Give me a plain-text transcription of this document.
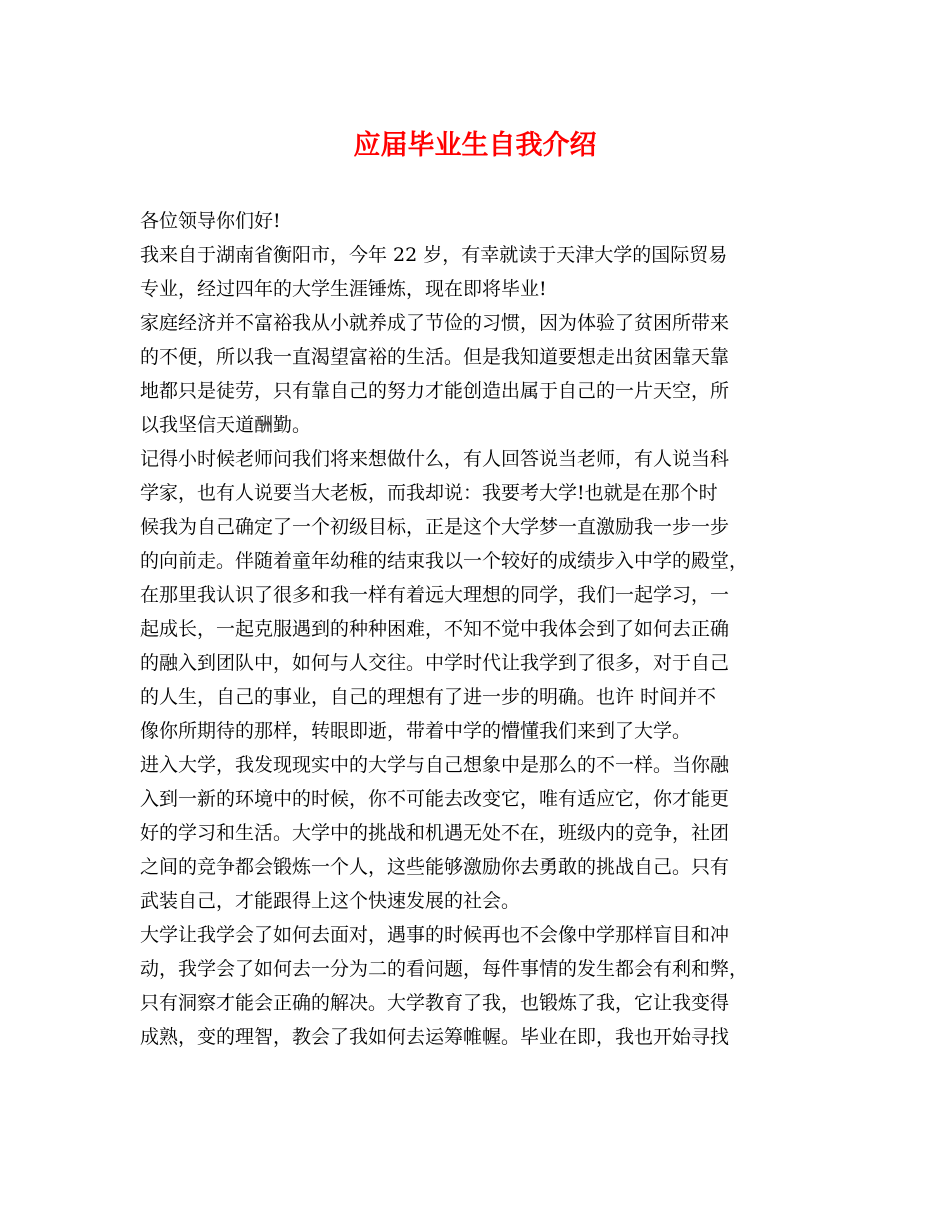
应届毕业生自我介绍
各位领导你们好!
我来自于湖南省衡阳市，今年 22 岁，有幸就读于天津大学的国际贸易
专业，经过四年的大学生涯锤炼，现在即将毕业!
家庭经济并不富裕我从小就养成了节俭的习惯，因为体验了贫困所带来
的不便，所以我一直渴望富裕的生活。但是我知道要想走出贫困靠天靠
地都只是徒劳，只有靠自己的努力才能创造出属于自己的一片天空，所
以我坚信天道酬勤。
记得小时候老师问我们将来想做什么，有人回答说当老师，有人说当科
学家，也有人说要当大老板，而我却说：我要考大学!也就是在那个时
候我为自己确定了一个初级目标，正是这个大学梦一直激励我一步一步
的向前走。伴随着童年幼稚的结束我以一个较好的成绩步入中学的殿堂，
在那里我认识了很多和我一样有着远大理想的同学，我们一起学习，一
起成长，一起克服遇到的种种困难，不知不觉中我体会到了如何去正确
的融入到团队中，如何与人交往。中学时代让我学到了很多，对于自己
的人生，自己的事业，自己的理想有了进一步的明确。也许 时间并不
像你所期待的那样，转眼即逝，带着中学的懵懂我们来到了大学。
进入大学，我发现现实中的大学与自己想象中是那么的不一样。当你融
入到一新的环境中的时候，你不可能去改变它，唯有适应它，你才能更
好的学习和生活。大学中的挑战和机遇无处不在，班级内的竞争，社团
之间的竞争都会锻炼一个人，这些能够激励你去勇敢的挑战自己。只有
武装自己，才能跟得上这个快速发展的社会。
大学让我学会了如何去面对，遇事的时候再也不会像中学那样盲目和冲
动，我学会了如何去一分为二的看问题，每件事情的发生都会有利和弊，
只有洞察才能会正确的解决。大学教育了我，也锻炼了我，它让我变得
成熟，变的理智，教会了我如何去运筹帷幄。毕业在即，我也开始寻找
